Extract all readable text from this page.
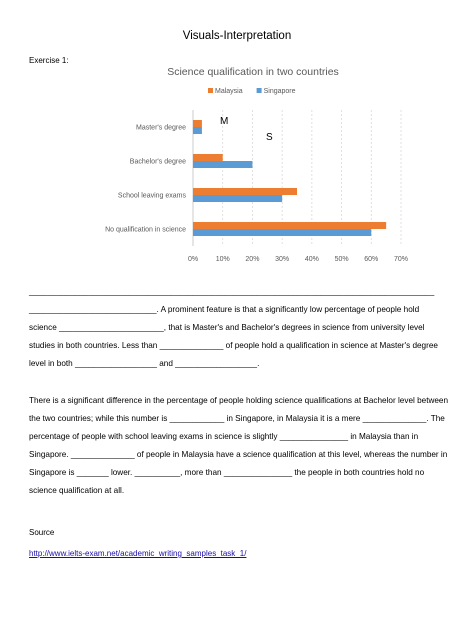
Visuals-Interpretation
Exercise 1:
Science qualification in two countries
Malaysia	Singapore
0%	10% 20% 30% 40% 50% 60% 70%
Master's degree
Bachelor's degree
School leaving exams
No qualification in science
M
S
_________________________________________________________________________________________ ____________________________. A prominent feature is that a significantly low percentage of people hold science _______________________, that is Master's and Bachelor's degrees in science from university level studies in both countries. Less than ______________ of people hold a qualification in science at Master's degree level in both __________________ and __________________.
There is a significant difference in the percentage of people holding science qualifications at Bachelor level between the two countries; while this number is ____________ in Singapore, in Malaysia it is a mere ______________. The percentage of people with school leaving exams in science is slightly _______________ in Malaysia than in Singapore. ______________ of people in Malaysia have a science qualification at this level, whereas the number in Singapore is _______ lower. __________, more than _______________ the people in both countries hold no science qualification at all.
Source
http://www.ielts-exam.net/academic_writing_samples_task_1/
